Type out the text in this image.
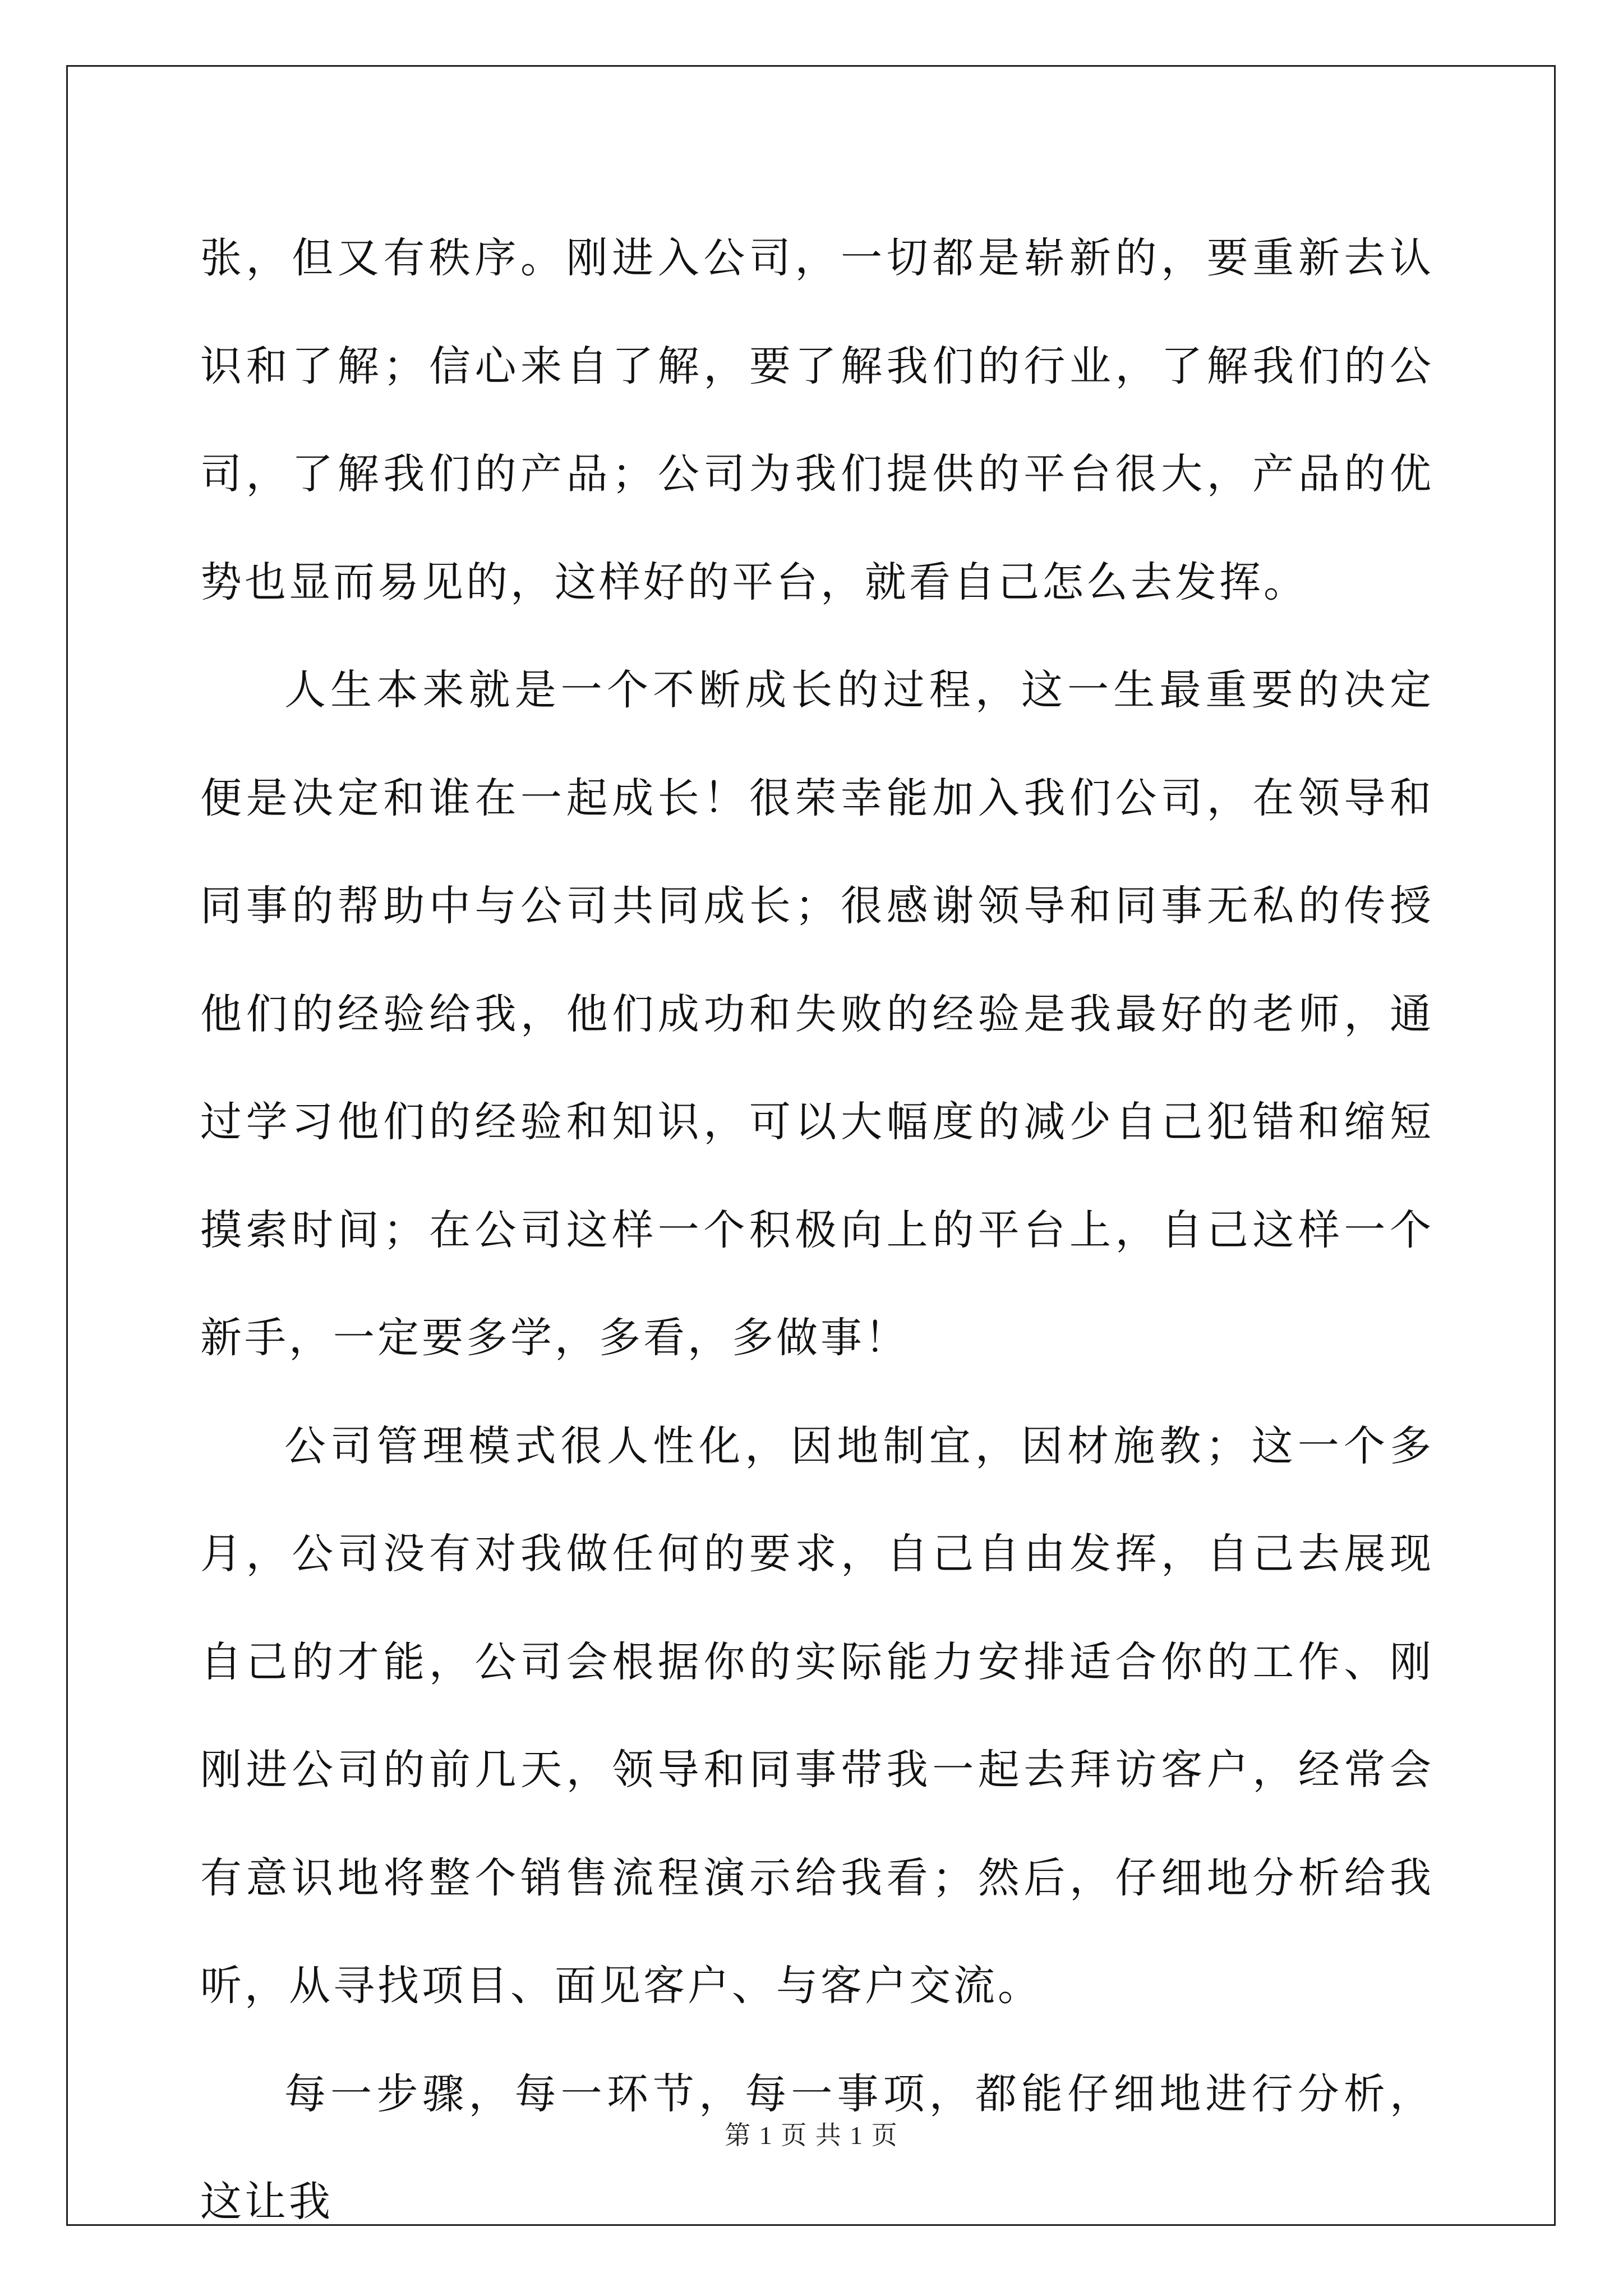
张，但又有秩序。刚进入公司，一切都是崭新的，要重新去认识和了解；信心来自了解，要了解我们的行业，了解我们的公司，了解我们的产品；公司为我们提供的平台很大，产品的优势也显而易见的，这样好的平台，就看自己怎么去发挥。

人生本来就是一个不断成长的过程，这一生最重要的决定便是决定和谁在一起成长！很荣幸能加入我们公司，在领导和同事的帮助中与公司共同成长；很感谢领导和同事无私的传授他们的经验给我，他们成功和失败的经验是我最好的老师，通过学习他们的经验和知识，可以大幅度的减少自己犯错和缩短摸索时间；在公司这样一个积极向上的平台上，自己这样一个新手，一定要多学，多看，多做事！

公司管理模式很人性化，因地制宜，因材施教；这一个多月，公司没有对我做任何的要求，自己自由发挥，自己去展现自己的才能，公司会根据你的实际能力安排适合你的工作、刚刚进公司的前几天，领导和同事带我一起去拜访客户，经常会有意识地将整个销售流程演示给我看；然后，仔细地分析给我听，从寻找项目、面见客户、与客户交流。

每一步骤，每一环节，每一事项，都能仔细地进行分析，这让我

第 1 页 共 1 页
